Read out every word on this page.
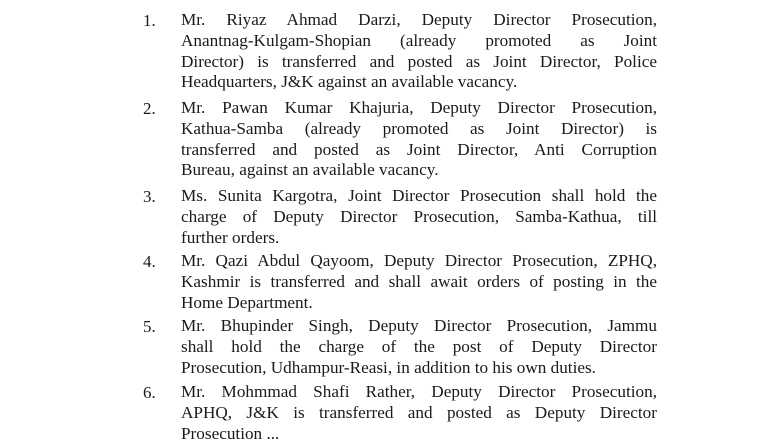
1. Mr. Riyaz Ahmad Darzi, Deputy Director Prosecution,
Anantnag-Kulgam-Shopian (already promoted as Joint
Director) is transferred and posted as Joint Director, Police
Headquarters, J&K against an available vacancy.
2. Mr. Pawan Kumar Khajuria, Deputy Director Prosecution,
Kathua-Samba (already promoted as Joint Director) is
transferred and posted as Joint Director, Anti Corruption
Bureau, against an available vacancy.
3. Ms. Sunita Kargotra, Joint Director Prosecution shall hold the
charge of Deputy Director Prosecution, Samba-Kathua, till
further orders.
4. Mr. Qazi Abdul Qayoom, Deputy Director Prosecution, ZPHQ,
Kashmir is transferred and shall await orders of posting in the
Home Department.
5. Mr. Bhupinder Singh, Deputy Director Prosecution, Jammu
shall hold the charge of the post of Deputy Director
Prosecution, Udhampur-Reasi, in addition to his own duties.
6. Mr. Mohmmad Shafi Rather, Deputy Director Prosecution,
APHQ, J&K is transferred and posted as Deputy Director
Prosecution ...
